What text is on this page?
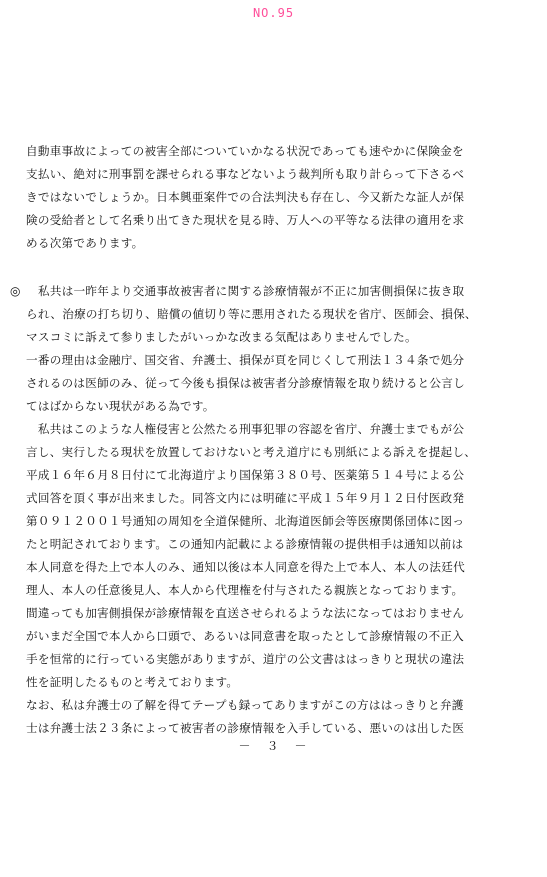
NO.95
自動車事故によっての被害全部についていかなる状況であっても速やかに保険金を
支払い、絶対に刑事罰を課せられる事などないよう裁判所も取り計らって下さるべ
きではないでしょうか。日本興亜案件での合法判決も存在し、今又新たな証人が保
険の受給者として名乗り出てきた現状を見る時、万人への平等なる法律の適用を求
める次第であります。
◎	私共は一昨年より交通事故被害者に関する診療情報が不正に加害側損保に抜き取
られ、治療の打ち切り、賠償の値切り等に悪用されたる現状を省庁、医師会、損保、
マスコミに訴えて参りましたがいっかな改まる気配はありませんでした。
一番の理由は金融庁、国交省、弁護士、損保が頁を同じくして刑法１３４条で処分
されるのは医師のみ、従って今後も損保は被害者分診療情報を取り続けると公言し
てはばからない現状がある為です。
　私共はこのような人権侵害と公然たる刑事犯罪の容認を省庁、弁護士までもが公
言し、実行したる現状を放置しておけないと考え道庁にも別紙による訴えを提起し、
平成１６年６月８日付にて北海道庁より国保第３８０号、医薬第５１４号による公
式回答を頂く事が出来ました。同答文内には明確に平成１５年９月１２日付医政発
第０９１２００１号通知の周知を全道保健所、北海道医師会等医療関係団体に図っ
たと明記されております。この通知内記載による診療情報の提供相手は通知以前は
本人同意を得た上で本人のみ、通知以後は本人同意を得た上で本人、本人の法廷代
理人、本人の任意後見人、本人から代理権を付与されたる親族となっております。
間違っても加害側損保が診療情報を直送させられるような法になってはおりません
がいまだ全国で本人から口頭で、あるいは同意書を取ったとして診療情報の不正入
手を恒常的に行っている実態がありますが、道庁の公文書ははっきりと現状の違法
性を証明したるものと考えております。
なお、私は弁護士の了解を得てテープも録ってありますがこの方ははっきりと弁護
士は弁護士法２３条によって被害者の診療情報を入手している、悪いのは出した医
－　３　－
